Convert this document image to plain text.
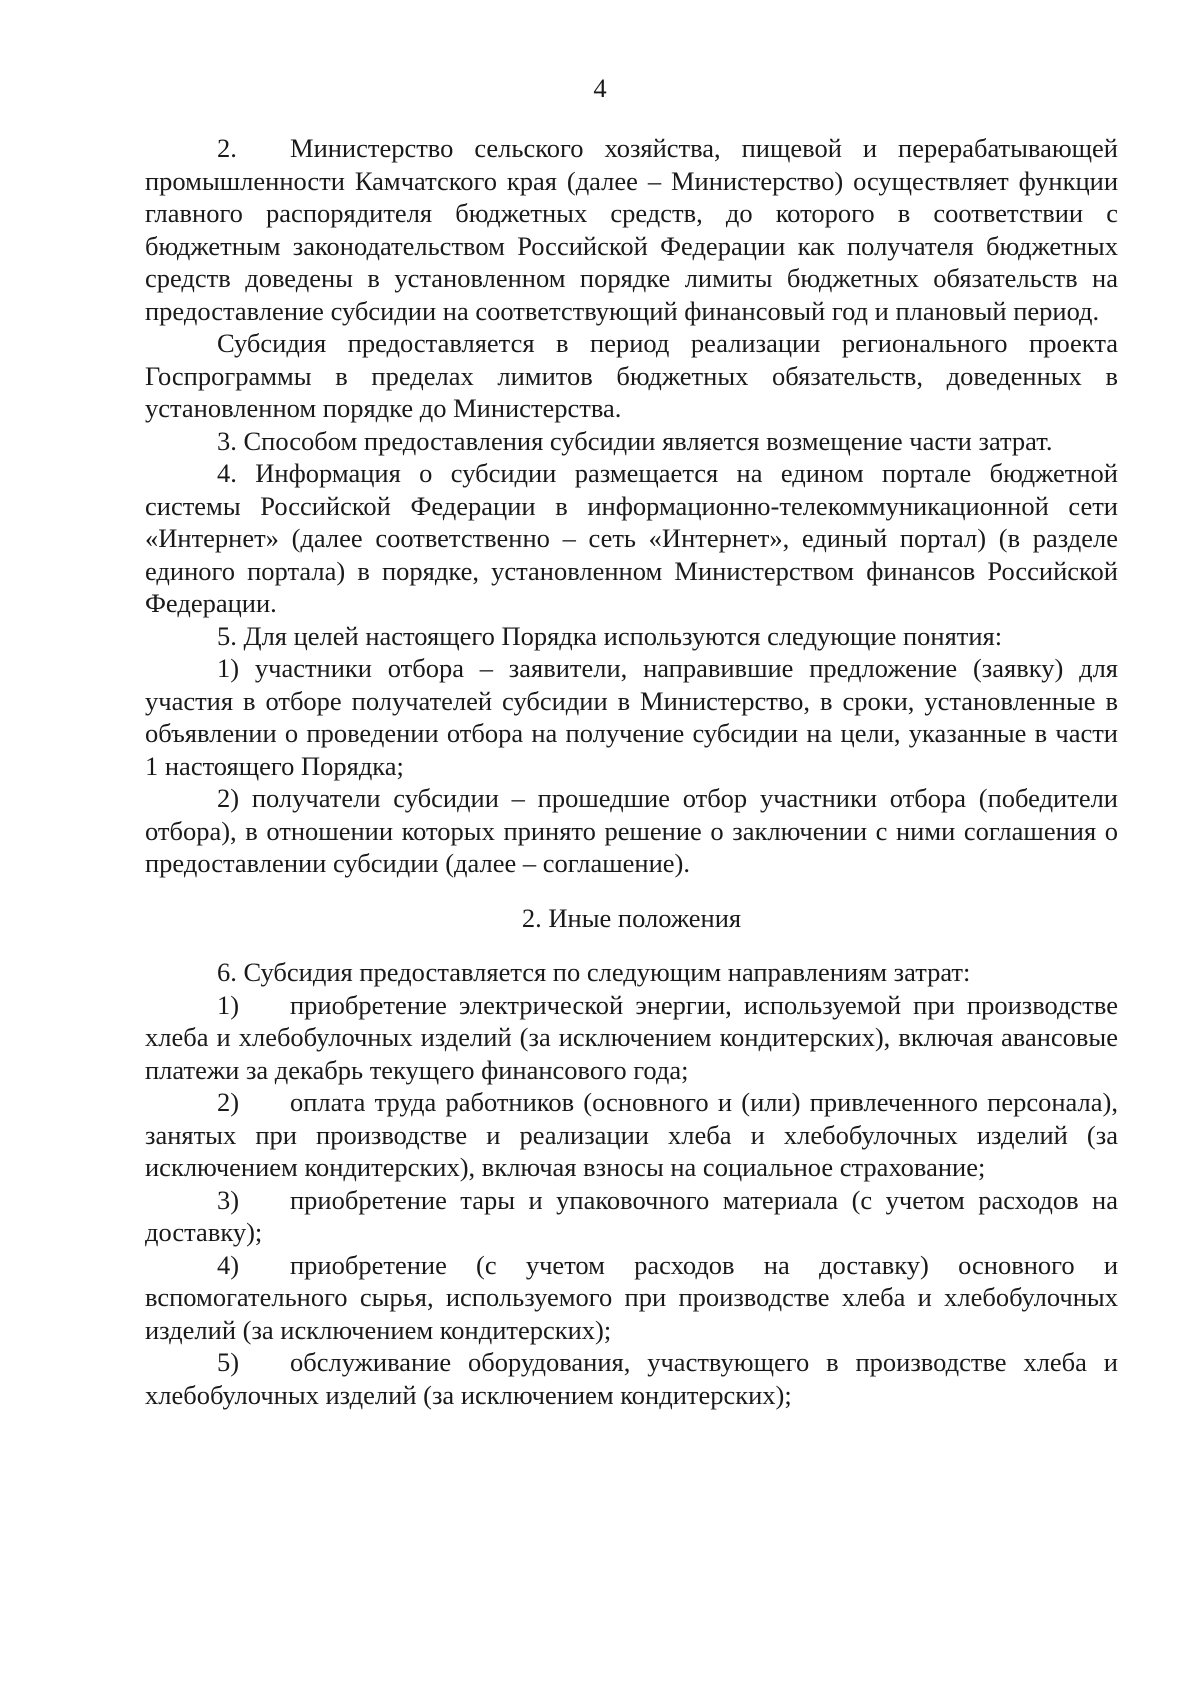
4

2. Министерство сельского хозяйства, пищевой и перерабатывающей промышленности Камчатского края (далее – Министерство) осуществляет функции главного распорядителя бюджетных средств, до которого в соответствии с бюджетным законодательством Российской Федерации как получателя бюджетных средств доведены в установленном порядке лимиты бюджетных обязательств на предоставление субсидии на соответствующий финансовый год и плановый период.

Субсидия предоставляется в период реализации регионального проекта Госпрограммы в пределах лимитов бюджетных обязательств, доведенных в установленном порядке до Министерства.

3. Способом предоставления субсидии является возмещение части затрат.

4. Информация о субсидии размещается на едином портале бюджетной системы Российской Федерации в информационно-телекоммуникационной сети «Интернет» (далее соответственно – сеть «Интернет», единый портал) (в разделе единого портала) в порядке, установленном Министерством финансов Российской Федерации.

5. Для целей настоящего Порядка используются следующие понятия:

1) участники отбора – заявители, направившие предложение (заявку) для участия в отборе получателей субсидии в Министерство, в сроки, установленные в объявлении о проведении отбора на получение субсидии на цели, указанные в части 1 настоящего Порядка;

2) получатели субсидии – прошедшие отбор участники отбора (победители отбора), в отношении которых принято решение о заключении с ними соглашения о предоставлении субсидии (далее – соглашение).

2. Иные положения

6. Субсидия предоставляется по следующим направлениям затрат:

1) приобретение электрической энергии, используемой при производстве хлеба и хлебобулочных изделий (за исключением кондитерских), включая авансовые платежи за декабрь текущего финансового года;

2) оплата труда работников (основного и (или) привлеченного персонала), занятых при производстве и реализации хлеба и хлебобулочных изделий (за исключением кондитерских), включая взносы на социальное страхование;

3) приобретение тары и упаковочного материала (с учетом расходов на доставку);

4) приобретение (с учетом расходов на доставку) основного и вспомогательного сырья, используемого при производстве хлеба и хлебобулочных изделий (за исключением кондитерских);

5) обслуживание оборудования, участвующего в производстве хлеба и хлебобулочных изделий (за исключением кондитерских);
